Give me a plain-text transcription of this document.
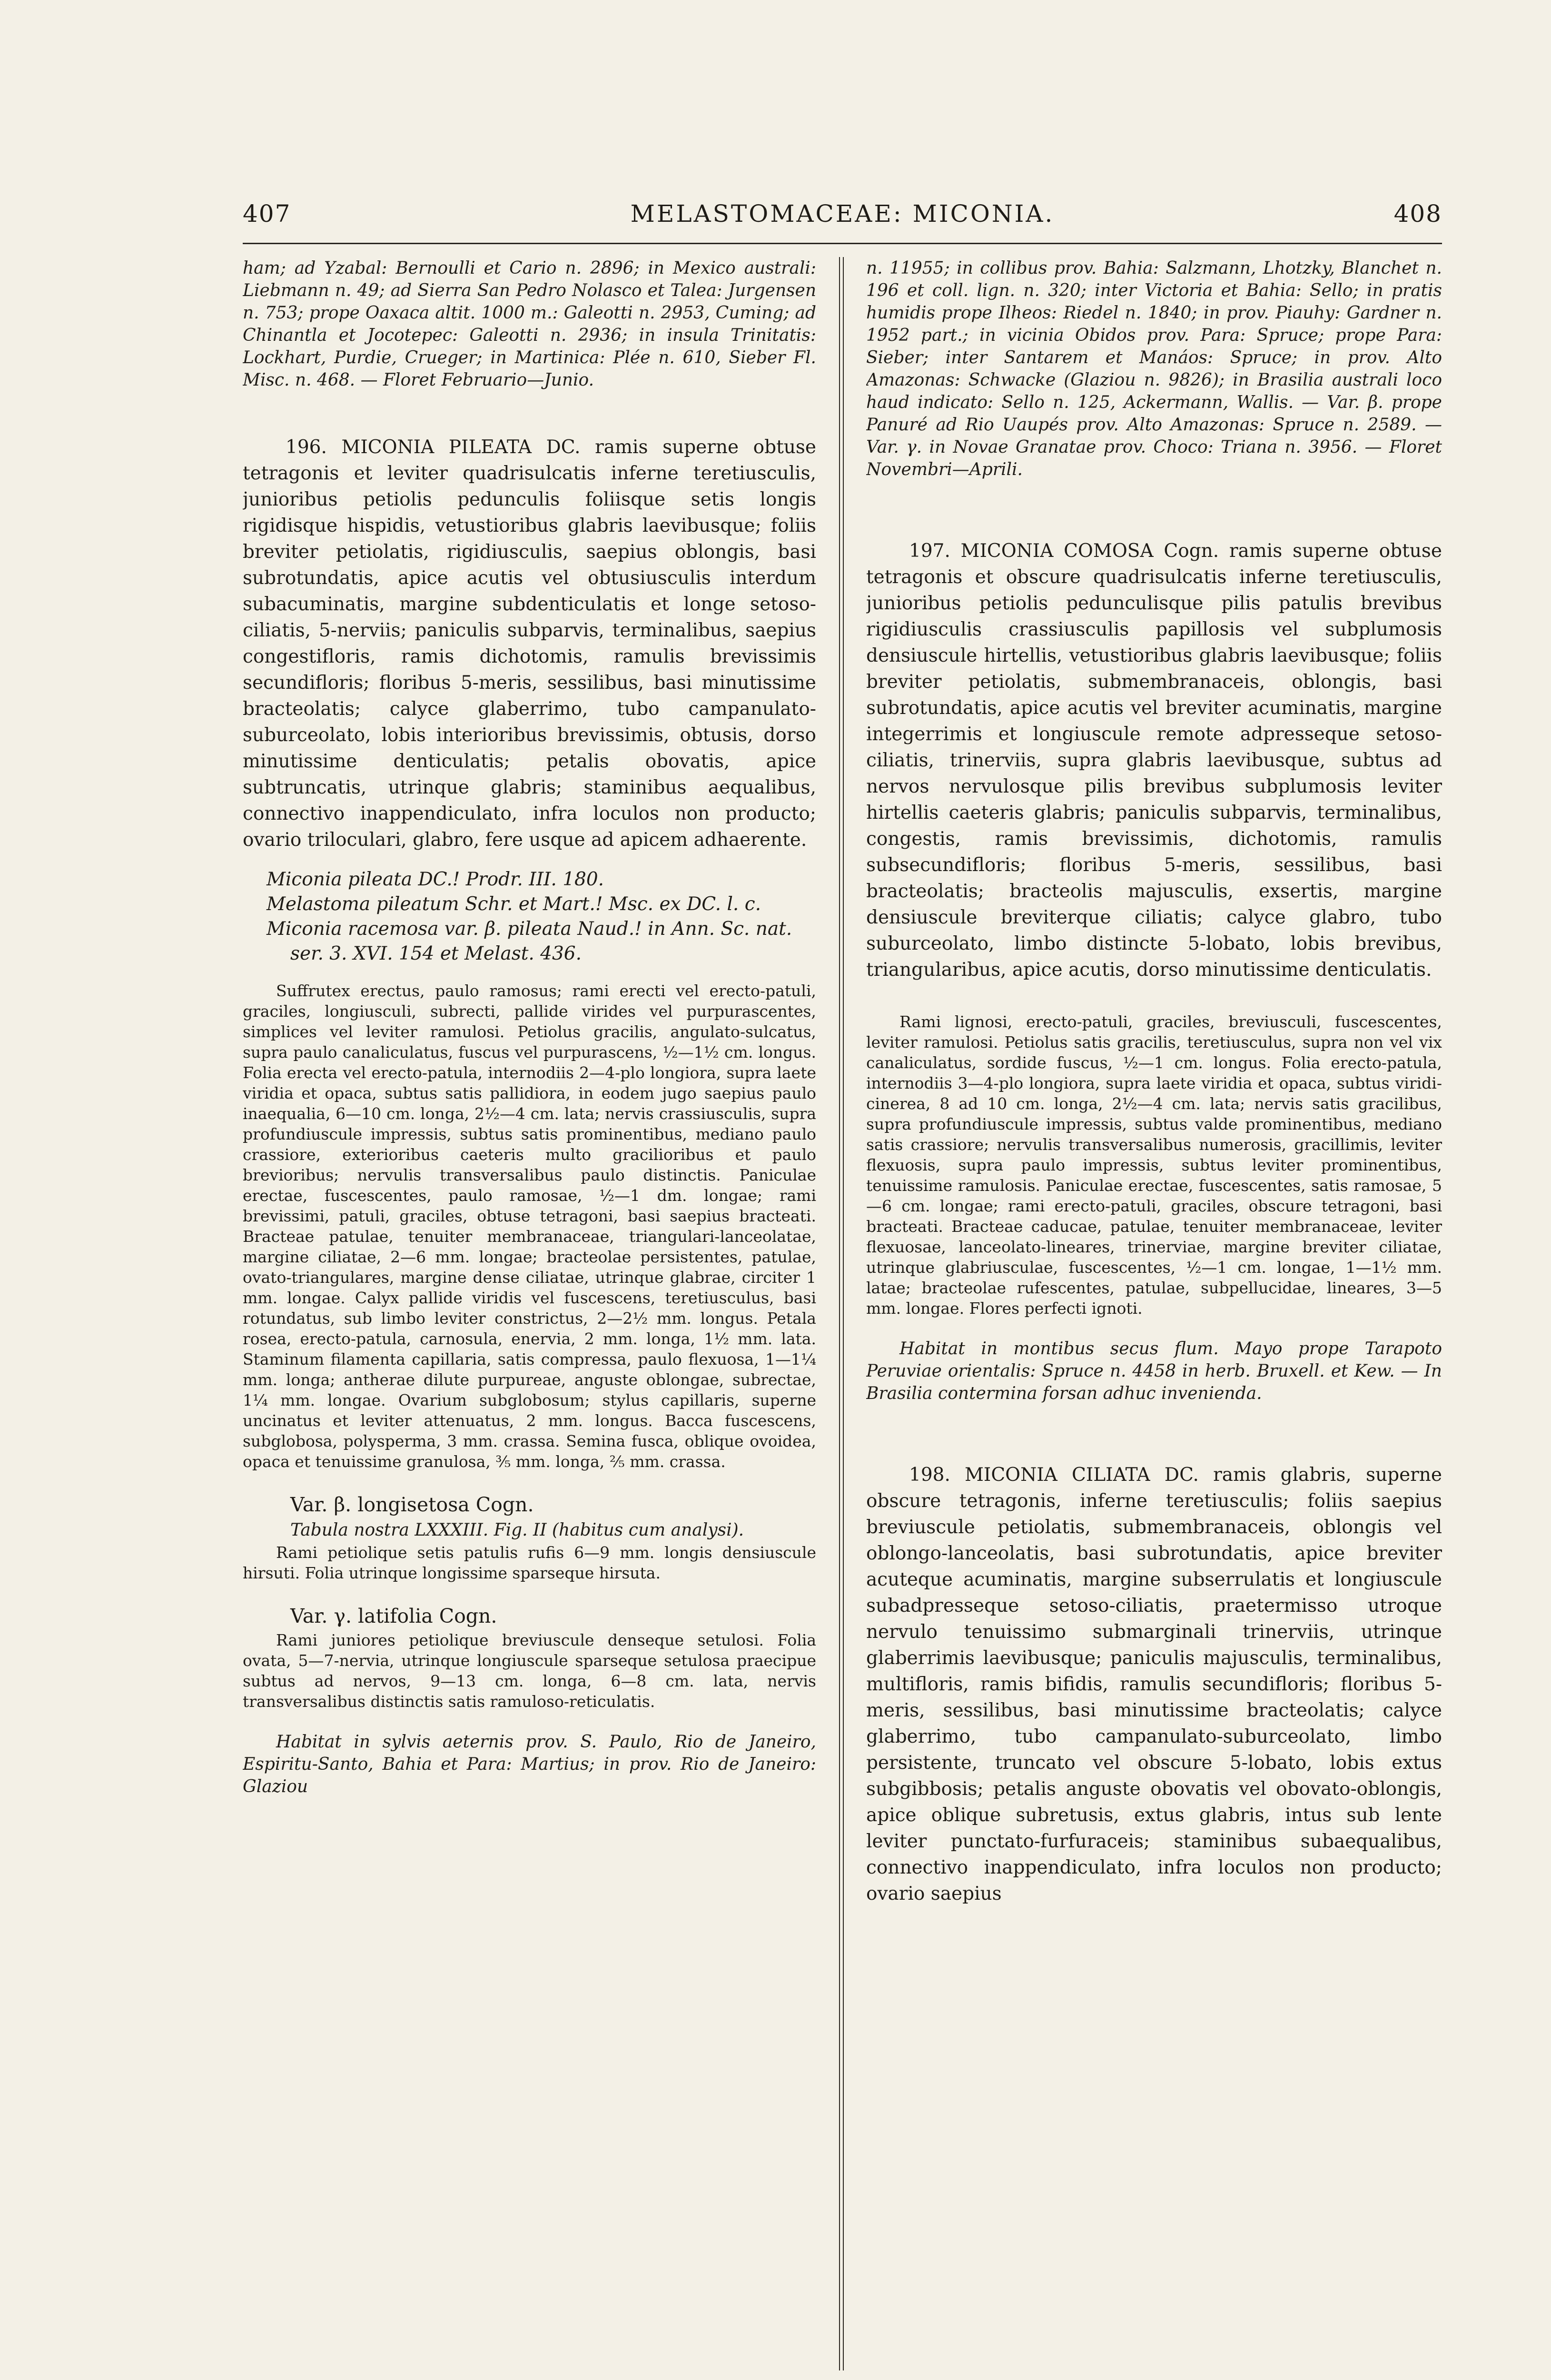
407	MELASTOMACEAE: MICONIA.	408

ham; ad Yzabal: Bernoulli et Cario n. 2896; in Mexico australi: Liebmann n. 49; ad Sierra San Pedro Nolasco et Talea: Jurgensen n. 753; prope Oaxaca altit. 1000 m.: Galeotti n. 2953, Cuming; ad Chinantla et Jocotepec: Galeotti n. 2936; in insula Trinitatis: Lockhart, Purdie, Crueger; in Martinica: Plée n. 610, Sieber Fl. Misc. n. 468. — Floret Februario—Junio.

196. MICONIA PILEATA DC. ramis superne obtuse tetragonis et leviter quadrisulcatis inferne teretiusculis, junioribus petiolis pedunculis foliisque setis longis rigidisque hispidis, vetustioribus glabris laevibusque; foliis breviter petiolatis, rigidiusculis, saepius oblongis, basi subrotundatis, apice acutis vel obtusiusculis interdum subacuminatis, margine subdenticulatis et longe setoso-ciliatis, 5-nerviis; paniculis subparvis, terminalibus, saepius congestifloris, ramis dichotomis, ramulis brevissimis secundifloris; floribus 5-meris, sessilibus, basi minutissime bracteolatis; calyce glaberrimo, tubo campanulato-suburceolato, lobis interioribus brevissimis, obtusis, dorso minutissime denticulatis; petalis obovatis, apice subtruncatis, utrinque glabris; staminibus aequalibus, connectivo inappendiculato, infra loculos non producto; ovario triloculari, glabro, fere usque ad apicem adhaerente.

Miconia pileata DC.! Prodr. III. 180.

Melastoma pileatum Schr. et Mart.! Msc. ex DC. l. c.

Miconia racemosa var. β. pileata Naud.! in Ann. Sc. nat. ser. 3. XVI. 154 et Melast. 436.

Suffrutex erectus, paulo ramosus; rami erecti vel erecto-patuli, graciles, longiusculi, subrecti, pallide virides vel purpurascentes, simplices vel leviter ramulosi. Petiolus gracilis, angulato-sulcatus, supra paulo canaliculatus, fuscus vel purpurascens, ½—1½ cm. longus. Folia erecta vel erecto-patula, internodiis 2—4-plo longiora, supra laete viridia et opaca, subtus satis pallidiora, in eodem jugo saepius paulo inaequalia, 6—10 cm. longa, 2½—4 cm. lata; nervis crassiusculis, supra profundiuscule impressis, subtus satis prominentibus, mediano paulo crassiore, exterioribus caeteris multo gracilioribus et paulo brevioribus; nervulis transversalibus paulo distinctis. Paniculae erectae, fuscescentes, paulo ramosae, ½—1 dm. longae; rami brevissimi, patuli, graciles, obtuse tetragoni, basi saepius bracteati. Bracteae patulae, tenuiter membranaceae, triangulari-lanceolatae, margine ciliatae, 2—6 mm. longae; bracteolae persistentes, patulae, ovato-triangulares, margine dense ciliatae, utrinque glabrae, circiter 1 mm. longae. Calyx pallide viridis vel fuscescens, teretiusculus, basi rotundatus, sub limbo leviter constrictus, 2—2½ mm. longus. Petala rosea, erecto-patula, carnosula, enervia, 2 mm. longa, 1½ mm. lata. Staminum filamenta capillaria, satis compressa, paulo flexuosa, 1—1¼ mm. longa; antherae dilute purpureae, anguste oblongae, subrectae, 1¼ mm. longae. Ovarium subglobosum; stylus capillaris, superne uncinatus et leviter attenuatus, 2 mm. longus. Bacca fuscescens, subglobosa, polysperma, 3 mm. crassa. Semina fusca, oblique ovoidea, opaca et tenuissime granulosa, ⅗ mm. longa, ⅖ mm. crassa.

Var. β. longisetosa Cogn.

Tabula nostra LXXXIII. Fig. II (habitus cum analysi).

Rami petiolique setis patulis rufis 6—9 mm. longis densiuscule hirsuti. Folia utrinque longissime sparseque hirsuta.

Var. γ. latifolia Cogn.

Rami juniores petiolique breviuscule denseque setulosi. Folia ovata, 5—7-nervia, utrinque longiuscule sparseque setulosa praecipue subtus ad nervos, 9—13 cm. longa, 6—8 cm. lata, nervis transversalibus distinctis satis ramuloso-reticulatis.

Habitat in sylvis aeternis prov. S. Paulo, Rio de Janeiro, Espiritu-Santo, Bahia et Para: Martius; in prov. Rio de Janeiro: Glaziou

n. 11955; in collibus prov. Bahia: Salzmann, Lhotzky, Blanchet n. 196 et coll. lign. n. 320; inter Victoria et Bahia: Sello; in pratis humidis prope Ilheos: Riedel n. 1840; in prov. Piauhy: Gardner n. 1952 part.; in vicinia Obidos prov. Para: Spruce; prope Para: Sieber; inter Santarem et Manáos: Spruce; in prov. Alto Amazonas: Schwacke (Glaziou n. 9826); in Brasilia australi loco haud indicato: Sello n. 125, Ackermann, Wallis. — Var. β. prope Panuré ad Rio Uaupés prov. Alto Amazonas: Spruce n. 2589. — Var. γ. in Novae Granatae prov. Choco: Triana n. 3956. — Floret Novembri—Aprili.

197. MICONIA COMOSA Cogn. ramis superne obtuse tetragonis et obscure quadrisulcatis inferne teretiusculis, junioribus petiolis pedunculisque pilis patulis brevibus rigidiusculis crassiusculis papillosis vel subplumosis densiuscule hirtellis, vetustioribus glabris laevibusque; foliis breviter petiolatis, submembranaceis, oblongis, basi subrotundatis, apice acutis vel breviter acuminatis, margine integerrimis et longiuscule remote adpresseque setoso-ciliatis, trinerviis, supra glabris laevibusque, subtus ad nervos nervulosque pilis brevibus subplumosis leviter hirtellis caeteris glabris; paniculis subparvis, terminalibus, congestis, ramis brevissimis, dichotomis, ramulis subsecundifloris; floribus 5-meris, sessilibus, basi bracteolatis; bracteolis majusculis, exsertis, margine densiuscule breviterque ciliatis; calyce glabro, tubo suburceolato, limbo distincte 5-lobato, lobis brevibus, triangularibus, apice acutis, dorso minutissime denticulatis.

Rami lignosi, erecto-patuli, graciles, breviusculi, fuscescentes, leviter ramulosi. Petiolus satis gracilis, teretiusculus, supra non vel vix canaliculatus, sordide fuscus, ½—1 cm. longus. Folia erecto-patula, internodiis 3—4-plo longiora, supra laete viridia et opaca, subtus viridi-cinerea, 8 ad 10 cm. longa, 2½—4 cm. lata; nervis satis gracilibus, supra profundiuscule impressis, subtus valde prominentibus, mediano satis crassiore; nervulis transversalibus numerosis, gracillimis, leviter flexuosis, supra paulo impressis, subtus leviter prominentibus, tenuissime ramulosis. Paniculae erectae, fuscescentes, satis ramosae, 5—6 cm. longae; rami erecto-patuli, graciles, obscure tetragoni, basi bracteati. Bracteae caducae, patulae, tenuiter membranaceae, leviter flexuosae, lanceolato-lineares, trinerviae, margine breviter ciliatae, utrinque glabriusculae, fuscescentes, ½—1 cm. longae, 1—1½ mm. latae; bracteolae rufescentes, patulae, subpellucidae, lineares, 3—5 mm. longae. Flores perfecti ignoti.

Habitat in montibus secus flum. Mayo prope Tarapoto Peruviae orientalis: Spruce n. 4458 in herb. Bruxell. et Kew. — In Brasilia conterminа forsan adhuc inveniendа.

198. MICONIA CILIATA DC. ramis glabris, superne obscure tetragonis, inferne teretiusculis; foliis saepius breviuscule petiolatis, submembranaceis, oblongis vel oblongo-lanceolatis, basi subrotundatis, apice breviter acuteque acuminatis, margine subserrulatis et longiuscule subadpresseque setoso-ciliatis, praetermisso utroque nervulo tenuissimo submarginali trinerviis, utrinque glaberrimis laevibusque; paniculis majusculis, terminalibus, multifloris, ramis bifidis, ramulis secundifloris; floribus 5-meris, sessilibus, basi minutissime bracteolatis; calyce glaberrimo, tubo campanulato-suburceolato, limbo persistente, truncato vel obscure 5-lobato, lobis extus subgibbosis; petalis anguste obovatis vel obovato-oblongis, apice oblique subretusis, extus glabris, intus sub lente leviter punctato-furfuraceis; staminibus subaequalibus, connectivo inappendiculato, infra loculos non producto; ovario saepius
